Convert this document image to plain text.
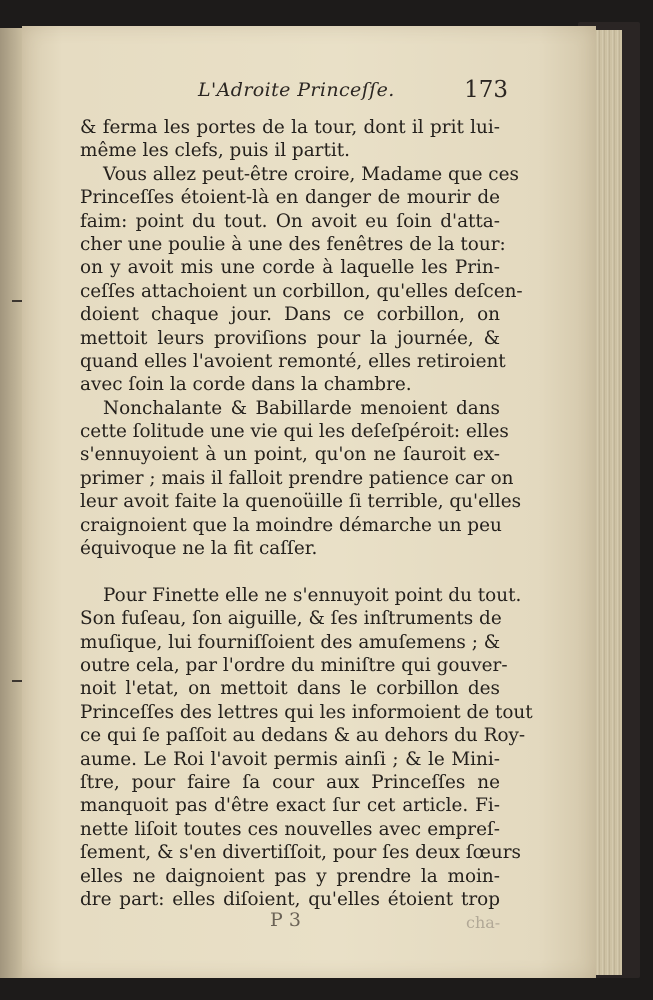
L'Adroite Princeſſe.	173
& ferma les portes de la tour, dont il prit lui-
même les clefs, puis il partit.
Vous allez peut-être croire, Madame que ces
Princeſſes étoient-là en danger de mourir de
faim: point du tout. On avoit eu ſoin d'atta-
cher une poulie à une des fenêtres de la tour:
on y avoit mis une corde à laquelle les Prin-
ceſſes attachoient un corbillon, qu'elles deſcen-
doient chaque jour. Dans ce corbillon, on
mettoit leurs proviſions pour la journée, &
quand elles l'avoient remonté, elles retiroient
avec ſoin la corde dans la chambre.
Nonchalante & Babillarde menoient dans
cette ſolitude une vie qui les deſeſpéroit: elles
s'ennuyoient à un point, qu'on ne ſauroit ex-
primer ; mais il falloit prendre patience car on
leur avoit faite la quenoüille ſi terrible, qu'elles
craignoient que la moindre démarche un peu
équivoque ne la fit caſſer.
Pour Finette elle ne s'ennuyoit point du tout.
Son fuſeau, ſon aiguille, & ſes inſtruments de
muſique, lui fourniſſoient des amuſemens ; &
outre cela, par l'ordre du miniſtre qui gouver-
noit l'etat, on mettoit dans le corbillon des
Princeſſes des lettres qui les informoient de tout
ce qui ſe paſſoit au dedans & au dehors du Roy-
aume. Le Roi l'avoit permis ainſi ; & le Mini-
ſtre, pour faire ſa cour aux Princeſſes ne
manquoit pas d'être exact ſur cet article. Fi-
nette liſoit toutes ces nouvelles avec empreſ-
ſement, & s'en divertiſſoit, pour ſes deux ſœurs
elles ne daignoient pas y prendre la moin-
dre part: elles diſoient, qu'elles étoient trop
P 3	cha-
